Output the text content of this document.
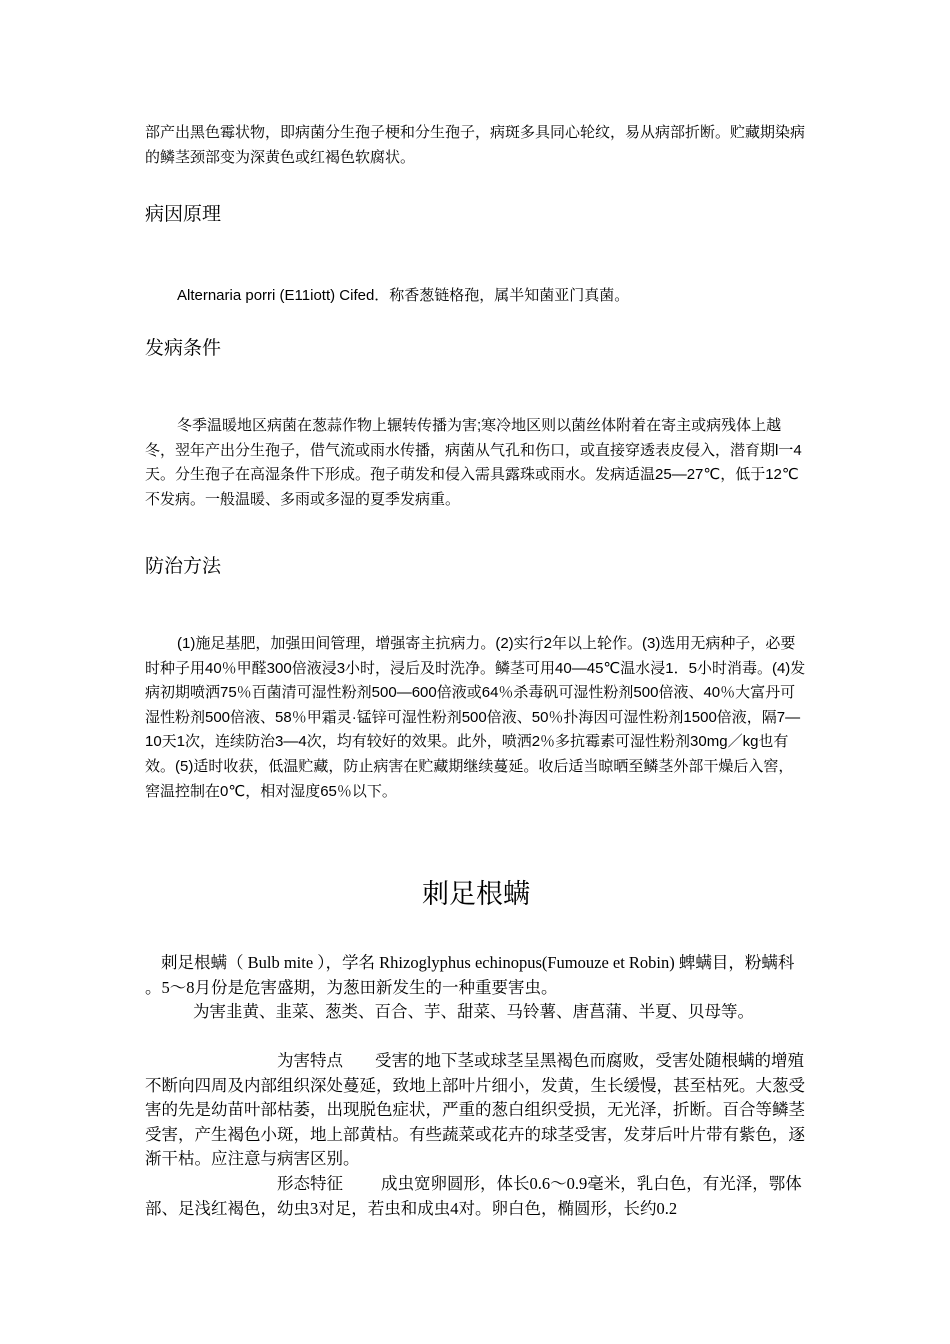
部产出黑色霉状物，即病菌分生孢子梗和分生孢子，病斑多具同心轮纹，易从病部折断。贮藏期染病的鳞茎颈部变为深黄色或红褐色软腐状。

病因原理

Alternaria porri (E11iott) Cifed．称香葱链格孢，属半知菌亚门真菌。

发病条件

冬季温暖地区病菌在葱蒜作物上辗转传播为害;寒冷地区则以菌丝体附着在寄主或病残体上越冬，翌年产出分生孢子，借气流或雨水传播，病菌从气孔和伤口，或直接穿透表皮侵入，潜育期l一4天。分生孢子在高湿条件下形成。孢子萌发和侵入需具露珠或雨水。发病适温25—27℃，低于12℃不发病。一般温暖、多雨或多湿的夏季发病重。

防治方法

(1)施足基肥，加强田间管理，增强寄主抗病力。(2)实行2年以上轮作。(3)选用无病种子，必要时种子用40％甲醛300倍液浸3小时，浸后及时洗净。鳞茎可用40—45℃温水浸1．5小时消毒。(4)发病初期喷洒75％百菌清可湿性粉剂500—600倍液或64％杀毒矾可湿性粉剂500倍液、40％大富丹可湿性粉剂500倍液、58％甲霜灵·锰锌可湿性粉剂500倍液、50％扑海因可湿性粉剂1500倍液，隔7—10天1次，连续防治3—4次，均有较好的效果。此外，喷洒2％多抗霉素可湿性粉剂30mg／kg也有效。(5)适时收获，低温贮藏，防止病害在贮藏期继续蔓延。收后适当晾晒至鳞茎外部干燥后入窖，窖温控制在0℃，相对湿度65％以下。

刺足根螨

刺足根螨（ Bulb mite ），学名 Rhizoglyphus echinopus(Fumouze et Robin) 蜱螨目，粉螨科 。5～8月份是危害盛期，为葱田新发生的一种重要害虫。

为害韭黄、韭菜、葱类、百合、芋、甜菜、马铃薯、唐菖蒲、半夏、贝母等。

为害特点 受害的地下茎或球茎呈黑褐色而腐败，受害处随根螨的增殖不断向四周及内部组织深处蔓延，致地上部叶片细小，发黄，生长缓慢，甚至枯死。大葱受害的先是幼苗叶部枯萎，出现脱色症状，严重的葱白组织受损，无光泽，折断。百合等鳞茎受害，产生褐色小斑，地上部黄枯。有些蔬菜或花卉的球茎受害，发芽后叶片带有紫色，逐渐干枯。应注意与病害区别。

形态特征 成虫宽卵圆形，体长0.6～0.9毫米，乳白色，有光泽，鄂体部、足浅红褐色，幼虫3对足，若虫和成虫4对。卵白色，椭圆形，长约0.2
